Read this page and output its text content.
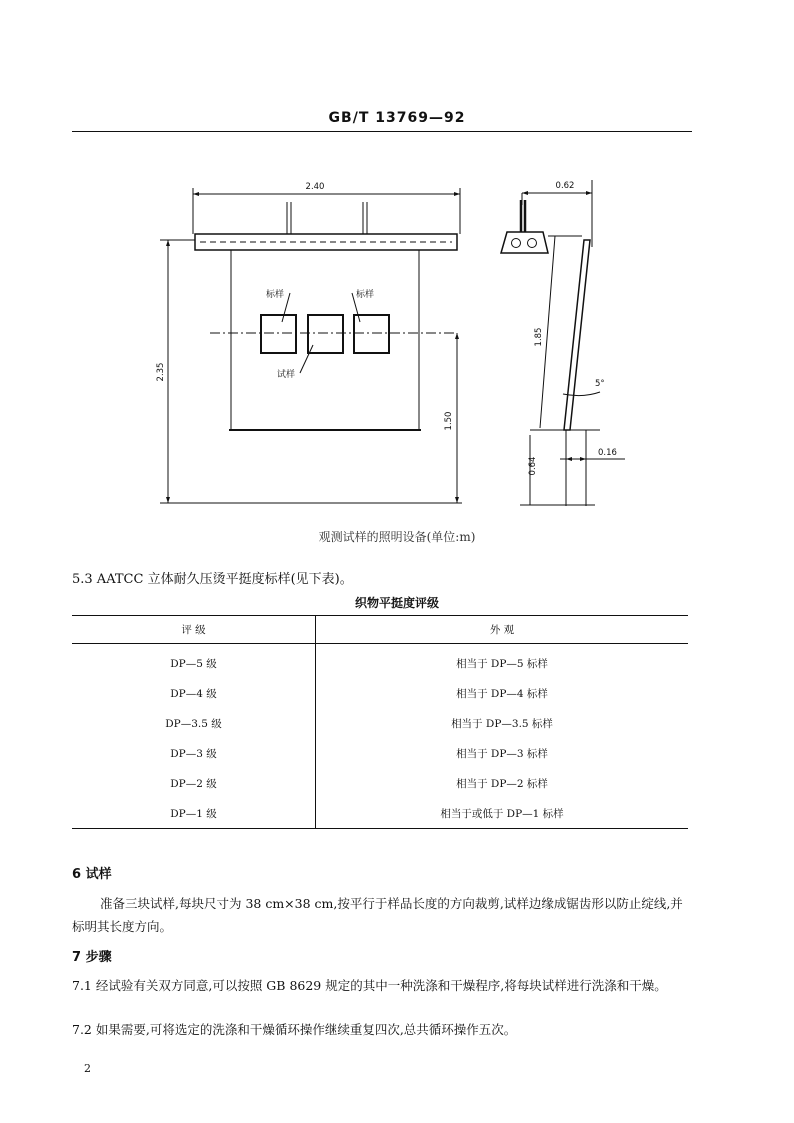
GB/T 13769—92
2.40	0.62
2.35
1.50
1.85
5°
0.16
0.64
标样	标样
试样
观测试样的照明设备(单位:m)
5.3 AATCC 立体耐久压烫平挺度标样(见下表)。
织物平挺度评级
评 级	外 观
DP—5 级	相当于 DP—5 标样
DP—4 级	相当于 DP—4 标样
DP—3.5 级	相当于 DP—3.5 标样
DP—3 级	相当于 DP—3 标样
DP—2 级	相当于 DP—2 标样
DP—1 级	相当于或低于 DP—1 标样
6 试样
准备三块试样,每块尺寸为 38 cm×38 cm,按平行于样品长度的方向裁剪,试样边缘成锯齿形以防止绽线,并标明其长度方向。
7 步骤
7.1 经试验有关双方同意,可以按照 GB 8629 规定的其中一种洗涤和干燥程序,将每块试样进行洗涤和干燥。
7.2 如果需要,可将选定的洗涤和干燥循环操作继续重复四次,总共循环操作五次。
2
